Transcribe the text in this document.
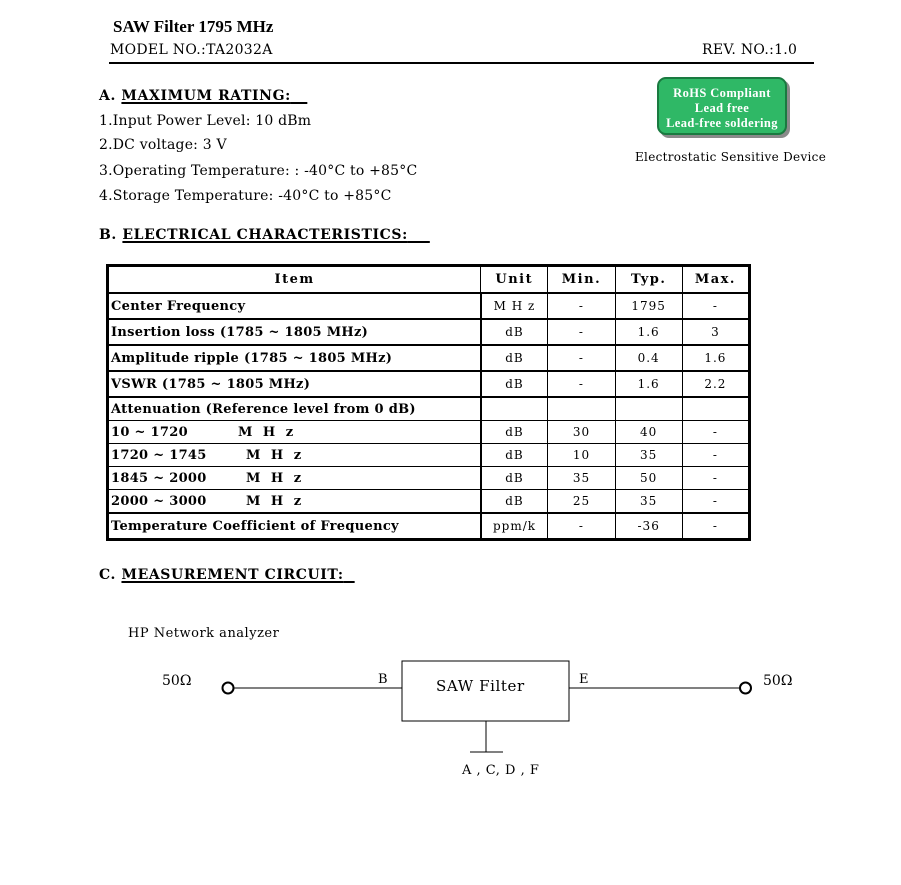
SAW Filter 1795 MHz
MODEL NO.:TA2032A	REV. NO.:1.0
A. MAXIMUM RATING:
1.Input Power Level: 10 dBm
2.DC voltage: 3 V
3.Operating Temperature: : -40°C to +85°C
4.Storage Temperature: -40°C to +85°C
RoHS Compliant
Lead free
Lead-free soldering
Electrostatic Sensitive Device
B. ELECTRICAL CHARACTERISTICS:
Item	Unit	Min.	Typ.	Max.
Center Frequency	M H z	-	1795	-
Insertion loss (1785 ~ 1805 MHz)	dB	-	1.6	3
Amplitude ripple (1785 ~ 1805 MHz)	dB	-	0.4	1.6
VSWR (1785 ~ 1805 MHz)	dB	-	1.6	2.2
Attenuation (Reference level from 0 dB)				
10 ~ 1720 M H z	dB	30	40	-
1720 ~ 1745 M H z	dB	10	35	-
1845 ~ 2000 M H z	dB	35	50	-
2000 ~ 3000 M H z	dB	25	35	-
Temperature Coefficient of Frequency	ppm/k	-	-36	-
C. MEASUREMENT CIRCUIT:
HP Network analyzer
50Ω	50Ω
B	E
SAW Filter
A , C, D , F
